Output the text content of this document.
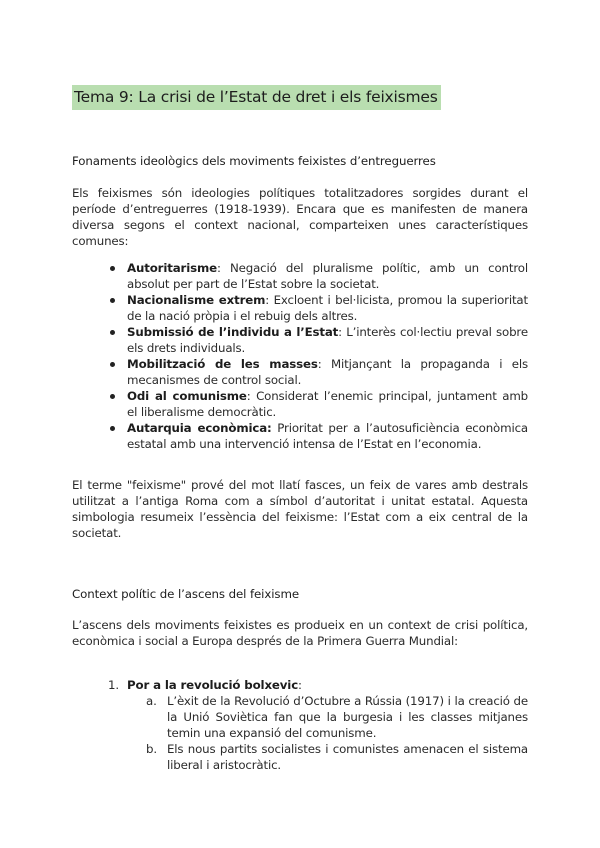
Tema 9: La crisi de l’Estat de dret i els feixismes
Fonaments ideològics dels moviments feixistes d’entreguerres
Els feixismes són ideologies polítiques totalitzadores sorgides durant el període d’entreguerres (1918-1939). Encara que es manifesten de manera diversa segons el context nacional, comparteixen unes característiques comunes:
Autoritarisme: Negació del pluralisme polític, amb un control absolut per part de l’Estat sobre la societat.
Nacionalisme extrem: Excloent i bel·licista, promou la superioritat de la nació pròpia i el rebuig dels altres.
Submissió de l’individu a l’Estat: L’interès col·lectiu preval sobre els drets individuals.
Mobilització de les masses: Mitjançant la propaganda i els mecanismes de control social.
Odi al comunisme: Considerat l’enemic principal, juntament amb el liberalisme democràtic.
Autarquia econòmica: Prioritat per a l’autosuficiència econòmica estatal amb una intervenció intensa de l’Estat en l’economia.
El terme "feixisme" prové del mot llatí fasces, un feix de vares amb destrals utilitzat a l’antiga Roma com a símbol d’autoritat i unitat estatal. Aquesta simbologia resumeix l’essència del feixisme: l’Estat com a eix central de la societat.
Context polític de l’ascens del feixisme
L’ascens dels moviments feixistes es produeix en un context de crisi política, econòmica i social a Europa després de la Primera Guerra Mundial:
1. Por a la revolució bolxevic:
a. L’èxit de la Revolució d’Octubre a Rússia (1917) i la creació de la Unió Soviètica fan que la burgesia i les classes mitjanes temin una expansió del comunisme.
b. Els nous partits socialistes i comunistes amenacen el sistema liberal i aristocràtic.
